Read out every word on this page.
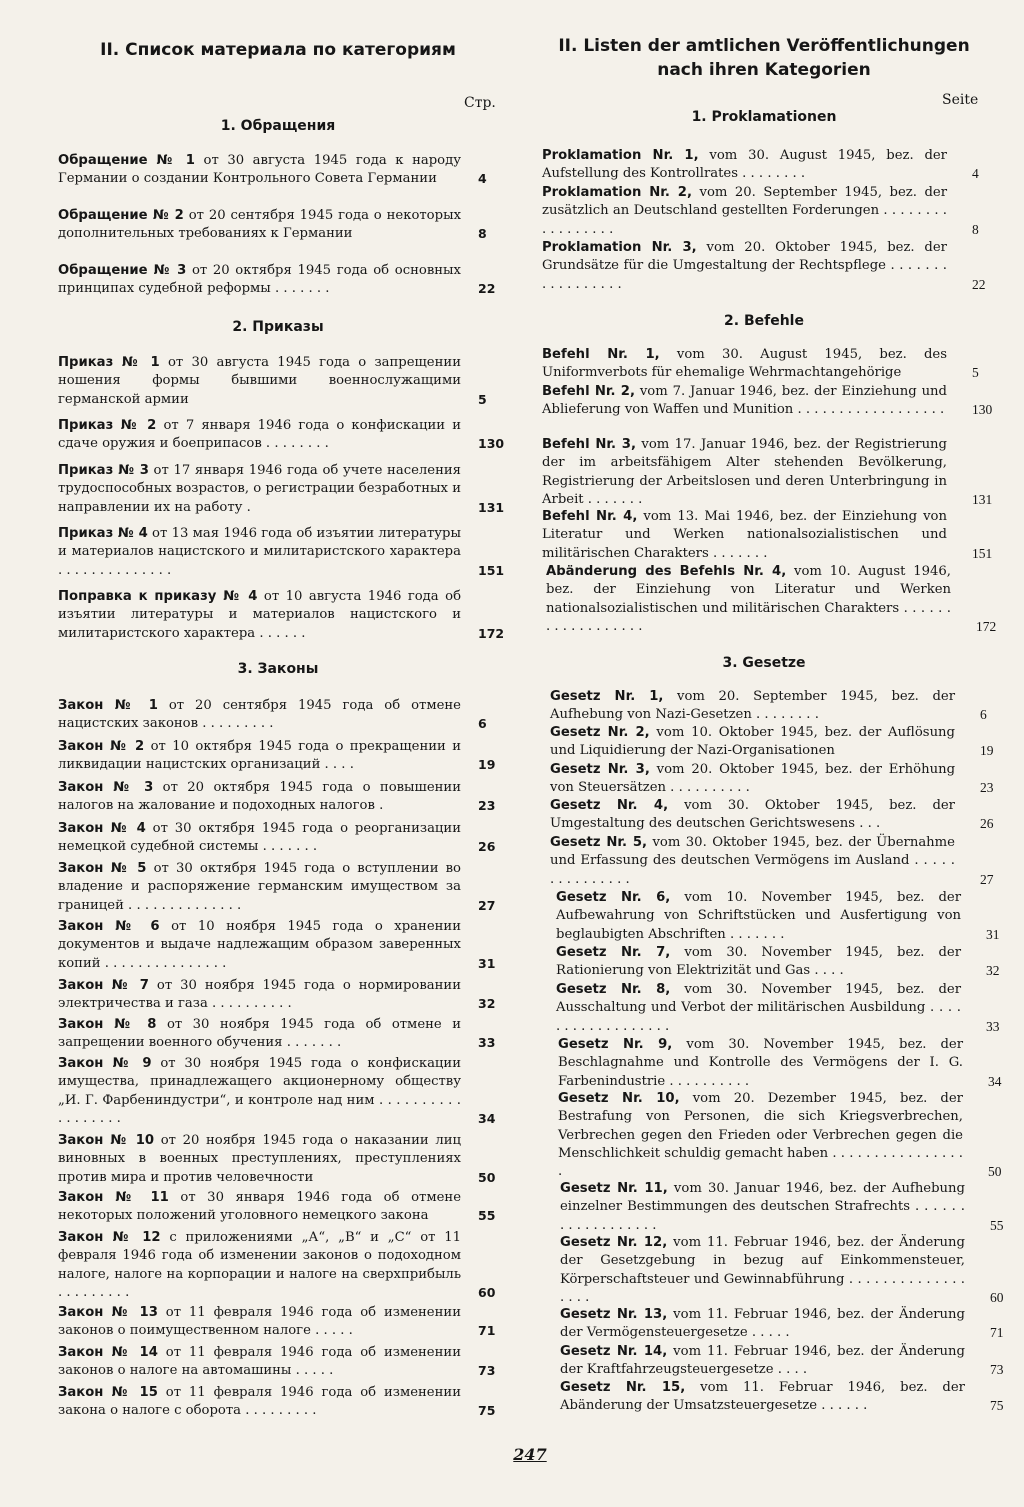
II. Список материала по категориям
Стр.
1. Обращения
Обращение № 1 от 30 августа 1945 года к народу Германии о создании Контрольного Совета Германии	4
Обращение № 2 от 20 сентября 1945 года о некоторых дополнительных требованиях к Германии	8
Обращение № 3 от 20 октября 1945 года об основных принципах судебной реформы . . . . . . .	22
2. Приказы
Приказ № 1 от 30 августа 1945 года о запрещении ношения формы бывшими военнослужащими германской армии	5
Приказ № 2 от 7 января 1946 года о конфискации и сдаче оружия и боеприпасов . . . . . . . .	130
Приказ № 3 от 17 января 1946 года об учете населения трудоспособных возрастов, о регистрации безработных и направлении их на работу .	131
Приказ № 4 от 13 мая 1946 года об изъятии литературы и материалов нацистского и милитаристского характера . . . . . . . . . . . . . .	151
Поправка к приказу № 4 от 10 августа 1946 года об изъятии литературы и материалов нацистского и милитаристского характера . . . . . .	172
3. Законы
Закон № 1 от 20 сентября 1945 года об отмене нацистских законов . . . . . . . . .	6
Закон № 2 от 10 октября 1945 года о прекращении и ликвидации нацистских организаций . . . .	19
Закон № 3 от 20 октября 1945 года о повышении налогов на жалование и подоходных налогов .	23
Закон № 4 от 30 октября 1945 года о реорганизации немецкой судебной системы . . . . . . .	26
Закон № 5 от 30 октября 1945 года о вступлении во владение и распоряжение германским имуществом за границей . . . . . . . . . . . . . .	27
Закон № 6 от 10 ноября 1945 года о хранении документов и выдаче надлежащим образом заверенных копий . . . . . . . . . . . . . . .	31
Закон № 7 от 30 ноября 1945 года о нормировании электричества и газа . . . . . . . . . .	32
Закон № 8 от 30 ноября 1945 года об отмене и запрещении военного обучения . . . . . . .	33
Закон № 9 от 30 ноября 1945 года о конфискации имущества, принадлежащего акционерному обществу „И. Г. Фарбениндустри“, и контроле над ним . . . . . . . . . . . . . . . . . .	34
Закон № 10 от 20 ноября 1945 года о наказании лиц виновных в военных преступлениях, преступлениях против мира и против человечности	50
Закон № 11 от 30 января 1946 года об отмене некоторых положений уголовного немецкого закона	55
Закон № 12 с приложениями „А“, „В“ и „С“ от 11 февраля 1946 года об изменении законов о подоходном налоге, налоге на корпорации и налоге на сверхприбыль . . . . . . . . .	60
Закон № 13 от 11 февраля 1946 года об изменении законов о поимущественном налоге . . . . .	71
Закон № 14 от 11 февраля 1946 года об изменении законов о налоге на автомашины . . . . .	73
Закон № 15 от 11 февраля 1946 года об изменении закона о налоге с оборота . . . . . . . . .	75
II. Listen der amtlichen Veröffentlichungen
nach ihren Kategorien
Seite
1. Proklamationen
Proklamation Nr. 1, vom 30. August 1945, bez. der Aufstellung des Kontrollrates . . . . . . . .	4
Proklamation Nr. 2, vom 20. September 1945, bez. der zusätzlich an Deutschland gestellten Forderungen . . . . . . . . . . . . . . . . .	8
Proklamation Nr. 3, vom 20. Oktober 1945, bez. der Grundsätze für die Umgestaltung der Rechtspflege . . . . . . . . . . . . . . . . .	22
2. Befehle
Befehl Nr. 1, vom 30. August 1945, bez. des Uniformverbots für ehemalige Wehrmachtangehörige	5
Befehl Nr. 2, vom 7. Januar 1946, bez. der Einziehung und Ablieferung von Waffen und Munition . . . . . . . . . . . . . . . . . . 130
Befehl Nr. 3, vom 17. Januar 1946, bez. der Registrierung der im arbeitsfähigem Alter stehenden Bevölkerung, Registrierung der Arbeitslosen und deren Unterbringung in Arbeit . . . . . . .	131
Befehl Nr. 4, vom 13. Mai 1946, bez. der Einziehung von Literatur und Werken nationalsozialistischen und militärischen Charakters . . . . . . .	151
Abänderung des Befehls Nr. 4, vom 10. August 1946, bez. der Einziehung von Literatur und Werken nationalsozialistischen und militärischen Charakters . . . . . . . . . . . . . . . . . .	172
3. Gesetze
Gesetz Nr. 1, vom 20. September 1945, bez. der Aufhebung von Nazi-Gesetzen . . . . . . . .	6
Gesetz Nr. 2, vom 10. Oktober 1945, bez. der Auflösung und Liquidierung der Nazi-Organisationen	19
Gesetz Nr. 3, vom 20. Oktober 1945, bez. der Erhöhung von Steuersätzen . . . . . . . . . .	23
Gesetz Nr. 4, vom 30. Oktober 1945, bez. der Umgestaltung des deutschen Gerichtswesens . . .	26
Gesetz Nr. 5, vom 30. Oktober 1945, bez. der Übernahme und Erfassung des deutschen Vermögens im Ausland . . . . . . . . . . . . . . .	27
Gesetz Nr. 6, vom 10. November 1945, bez. der Aufbewahrung von Schriftstücken und Ausfertigung von beglaubigten Abschriften . . . . . . .	31
Gesetz Nr. 7, vom 30. November 1945, bez. der Rationierung von Elektrizität und Gas . . . .	32
Gesetz Nr. 8, vom 30. November 1945, bez. der Ausschaltung und Verbot der militärischen Ausbildung . . . . . . . . . . . . . . . . . .	33
Gesetz Nr. 9, vom 30. November 1945, bez. der Beschlagnahme und Kontrolle des Vermögens der I. G. Farbenindustrie . . . . . . . . . .	34
Gesetz Nr. 10, vom 20. Dezember 1945, bez. der Bestrafung von Personen, die sich Kriegsverbrechen, Verbrechen gegen den Frieden oder Verbrechen gegen die Menschlichkeit schuldig gemacht haben . . . . . . . . . . . . . . . . .	50
Gesetz Nr. 11, vom 30. Januar 1946, bez. der Aufhebung einzelner Bestimmungen des deutschen Strafrechts . . . . . . . . . . . . . . . . . .	55
Gesetz Nr. 12, vom 11. Februar 1946, bez. der Änderung der Gesetzgebung in bezug auf Einkommensteuer, Körperschaftsteuer und Gewinnabführung . . . . . . . . . . . . . . . . . .	60
Gesetz Nr. 13, vom 11. Februar 1946, bez. der Änderung der Vermögensteuergesetze . . . . .	71
Gesetz Nr. 14, vom 11. Februar 1946, bez. der Änderung der Kraftfahrzeugsteuergesetze . . . .	73
Gesetz Nr. 15, vom 11. Februar 1946, bez. der Abänderung der Umsatzsteuergesetze . . . . . .	75
247
